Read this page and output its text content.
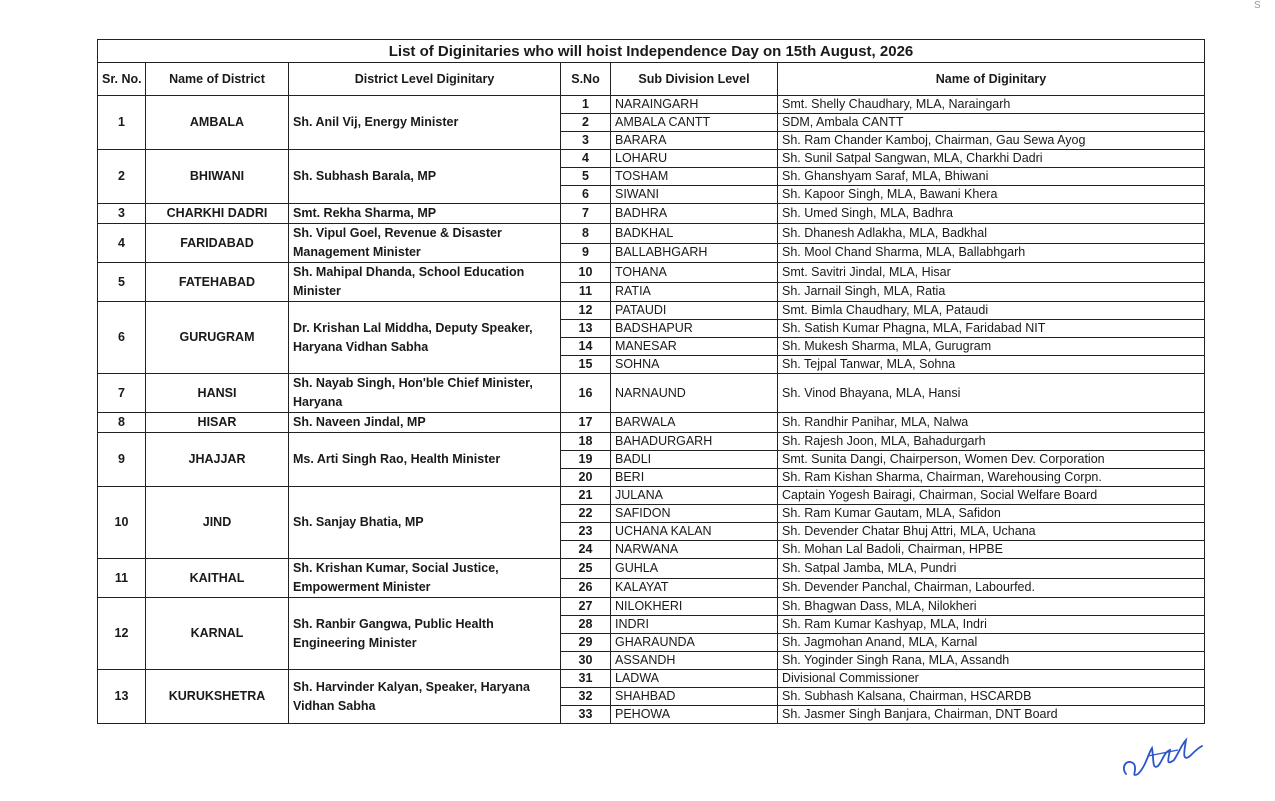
S
List of Diginitaries who will hoist Independence Day on 15th August, 2026					
Sr. No.	Name of District	District Level Diginitary	S.No	Sub Division Level	Name of Diginitary
1	AMBALA	Sh. Anil Vij, Energy Minister	1	NARAINGARH	Smt. Shelly Chaudhary, MLA, Naraingarh
			2	AMBALA CANTT	SDM, Ambala CANTT
			3	BARARA	Sh. Ram Chander Kamboj, Chairman, Gau Sewa Ayog
2	BHIWANI	Sh. Subhash Barala, MP	4	LOHARU	Sh. Sunil Satpal Sangwan, MLA, Charkhi Dadri
			5	TOSHAM	Sh. Ghanshyam Saraf, MLA, Bhiwani
			6	SIWANI	Sh. Kapoor Singh, MLA, Bawani Khera
3	CHARKHI DADRI	Smt. Rekha Sharma, MP	7	BADHRA	Sh. Umed Singh, MLA, Badhra
4	FARIDABAD	Sh. Vipul Goel, Revenue & Disaster Management Minister	8	BADKHAL	Sh. Dhanesh Adlakha, MLA, Badkhal
			9	BALLABHGARH	Sh. Mool Chand Sharma, MLA, Ballabhgarh
5	FATEHABAD	Sh. Mahipal Dhanda, School Education Minister	10	TOHANA	Smt. Savitri Jindal, MLA, Hisar
			11	RATIA	Sh. Jarnail Singh, MLA, Ratia
6	GURUGRAM	Dr. Krishan Lal Middha, Deputy Speaker, Haryana Vidhan Sabha	12	PATAUDI	Smt. Bimla Chaudhary, MLA, Pataudi
			13	BADSHAPUR	Sh. Satish Kumar Phagna, MLA, Faridabad NIT
			14	MANESAR	Sh. Mukesh Sharma, MLA, Gurugram
			15	SOHNA	Sh. Tejpal Tanwar, MLA, Sohna
7	HANSI	Sh. Nayab Singh, Hon'ble Chief Minister, Haryana	16	NARNAUND	Sh. Vinod Bhayana, MLA, Hansi
8	HISAR	Sh. Naveen Jindal, MP	17	BARWALA	Sh. Randhir Panihar, MLA, Nalwa
9	JHAJJAR	Ms. Arti Singh Rao, Health Minister	18	BAHADURGARH	Sh. Rajesh Joon, MLA, Bahadurgarh
			19	BADLI	Smt. Sunita Dangi, Chairperson, Women Dev. Corporation
			20	BERI	Sh. Ram Kishan Sharma, Chairman, Warehousing Corpn.
10	JIND	Sh. Sanjay Bhatia, MP	21	JULANA	Captain Yogesh Bairagi, Chairman, Social Welfare Board
			22	SAFIDON	Sh. Ram Kumar Gautam, MLA, Safidon
			23	UCHANA KALAN	Sh. Devender Chatar Bhuj Attri, MLA, Uchana
			24	NARWANA	Sh. Mohan Lal Badoli, Chairman, HPBE
11	KAITHAL	Sh. Krishan Kumar, Social Justice, Empowerment Minister	25	GUHLA	Sh. Satpal Jamba, MLA, Pundri
			26	KALAYAT	Sh. Devender Panchal, Chairman, Labourfed.
12	KARNAL	Sh. Ranbir Gangwa, Public Health Engineering Minister	27	NILOKHERI	Sh. Bhagwan Dass, MLA, Nilokheri
			28	INDRI	Sh. Ram Kumar Kashyap, MLA, Indri
			29	GHARAUNDA	Sh. Jagmohan Anand, MLA, Karnal
			30	ASSANDH	Sh. Yoginder Singh Rana, MLA, Assandh
13	KURUKSHETRA	Sh. Harvinder Kalyan, Speaker, Haryana Vidhan Sabha	31	LADWA	Divisional Commissioner
			32	SHAHBAD	Sh. Subhash Kalsana, Chairman, HSCARDB
			33	PEHOWA	Sh. Jasmer Singh Banjara, Chairman, DNT Board
